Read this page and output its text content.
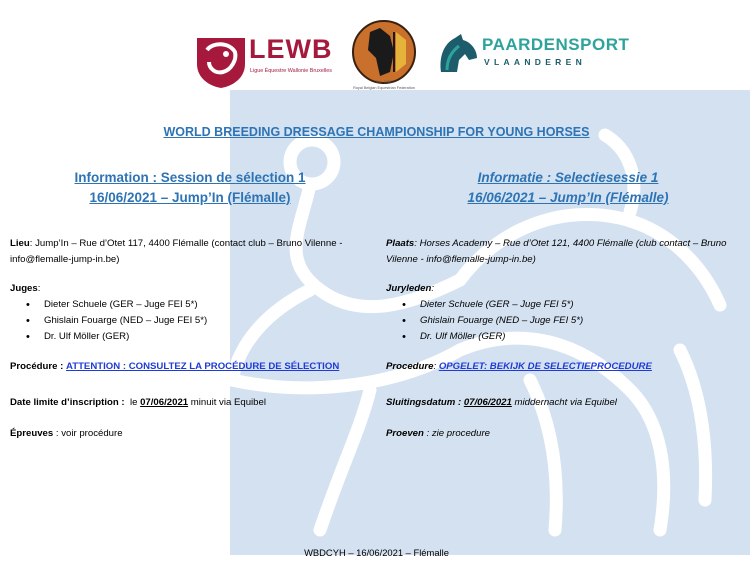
LEWB
Ligue Équestre Wallonie Bruxelles
Est. 1927
Royal Belgian Equestrian Federation
PAARDENSPORT
VLAANDEREN
WORLD BREEDING DRESSAGE CHAMPIONSHIP FOR YOUNG HORSES
Information : Session de sélection 1
16/06/2021 – Jump’In (Flémalle)
Informatie : Selectiesessie 1
16/06/2021 – Jump’In (Flémalle)
Lieu: Jump’In – Rue d’Otet 117, 4400 Flémalle (contact club – Bruno Vilenne -
info@flemalle-jump-in.be)
Juges:
• Dieter Schuele (GER – Juge FEI 5*)
• Ghislain Fouarge (NED – Juge FEI 5*)
• Dr. Ulf Möller (GER)
Procédure : ATTENTION : CONSULTEZ LA PROCÉDURE DE SÉLECTION
Date limite d’inscription : le 07/06/2021 minuit via Equibel
Épreuves : voir procédure
Plaats: Horses Academy – Rue d’Otet 121, 4400 Flémalle (club contact – Bruno
Vilenne - info@flemalle-jump-in.be)
Juryleden:
• Dieter Schuele (GER – Juge FEI 5*)
• Ghislain Fouarge (NED – Juge FEI 5*)
• Dr. Ulf Möller (GER)
Procedure: OPGELET: BEKIJK DE SELECTIEPROCEDURE
Sluitingsdatum : 07/06/2021 middernacht via Equibel
Proeven : zie procedure
WBDCYH – 16/06/2021 – Flémalle
